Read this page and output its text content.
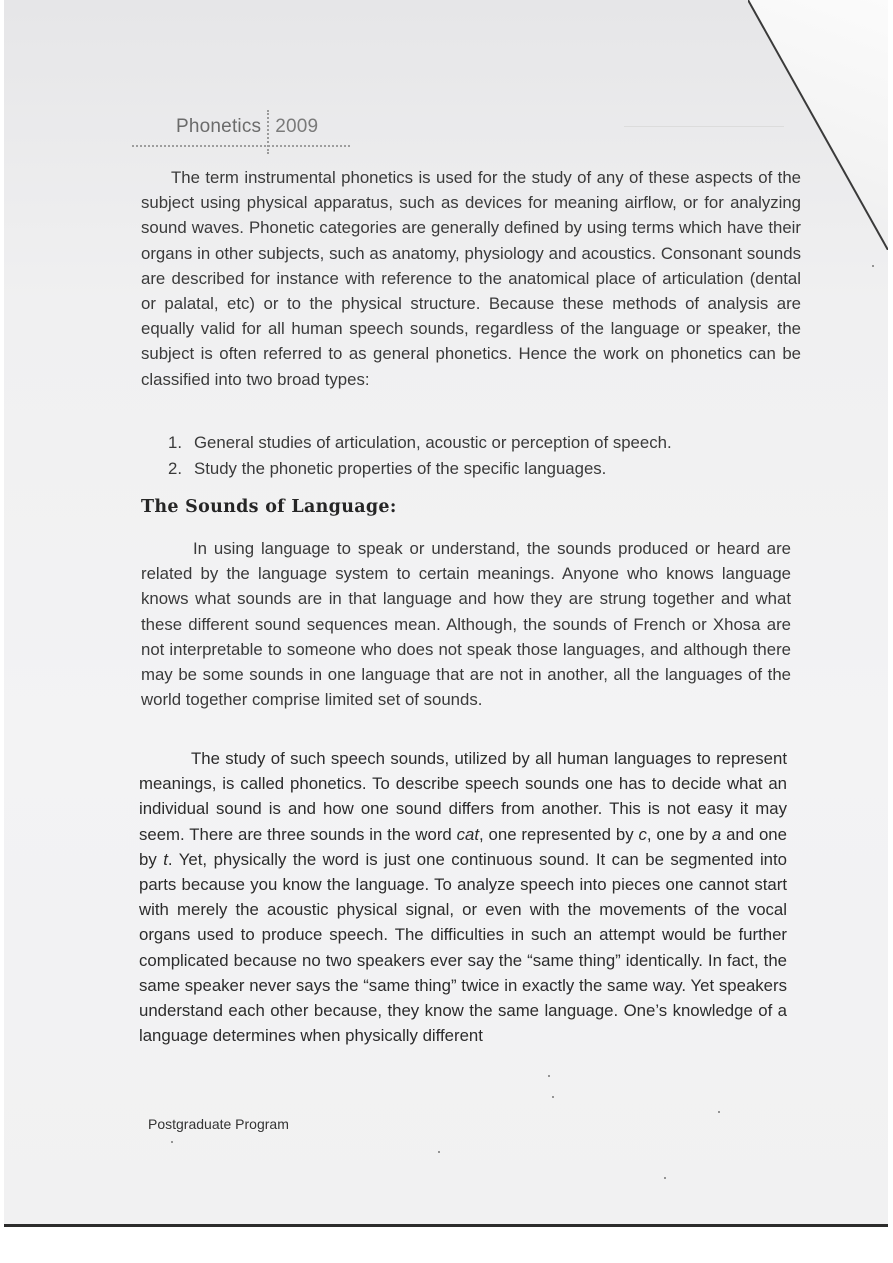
Phonetics 2009

The term instrumental phonetics is used for the study of any of these aspects of the subject using physical apparatus, such as devices for meaning airflow, or for analyzing sound waves. Phonetic categories are generally defined by using terms which have their organs in other subjects, such as anatomy, physiology and acoustics. Consonant sounds are described for instance with reference to the anatomical place of articulation (dental or palatal, etc) or to the physical structure. Because these methods of analysis are equally valid for all human speech sounds, regardless of the language or speaker, the subject is often referred to as general phonetics. Hence the work on phonetics can be classified into two broad types:

1. General studies of articulation, acoustic or perception of speech.
2. Study the phonetic properties of the specific languages.
The Sounds of Language:

In using language to speak or understand, the sounds produced or heard are related by the language system to certain meanings. Anyone who knows language knows what sounds are in that language and how they are strung together and what these different sound sequences mean. Although, the sounds of French or Xhosa are not interpretable to someone who does not speak those languages, and although there may be some sounds in one language that are not in another, all the languages of the world together comprise limited set of sounds.

The study of such speech sounds, utilized by all human languages to represent meanings, is called phonetics. To describe speech sounds one has to decide what an individual sound is and how one sound differs from another. This is not easy it may seem. There are three sounds in the word cat, one represented by c, one by a and one by t. Yet, physically the word is just one continuous sound. It can be segmented into parts because you know the language. To analyze speech into pieces one cannot start with merely the acoustic physical signal, or even with the movements of the vocal organs used to produce speech. The difficulties in such an attempt would be further complicated because no two speakers ever say the “same thing” identically. In fact, the same speaker never says the “same thing” twice in exactly the same way. Yet speakers understand each other because, they know the same language. One’s knowledge of a language determines when physically different

Postgraduate Program
